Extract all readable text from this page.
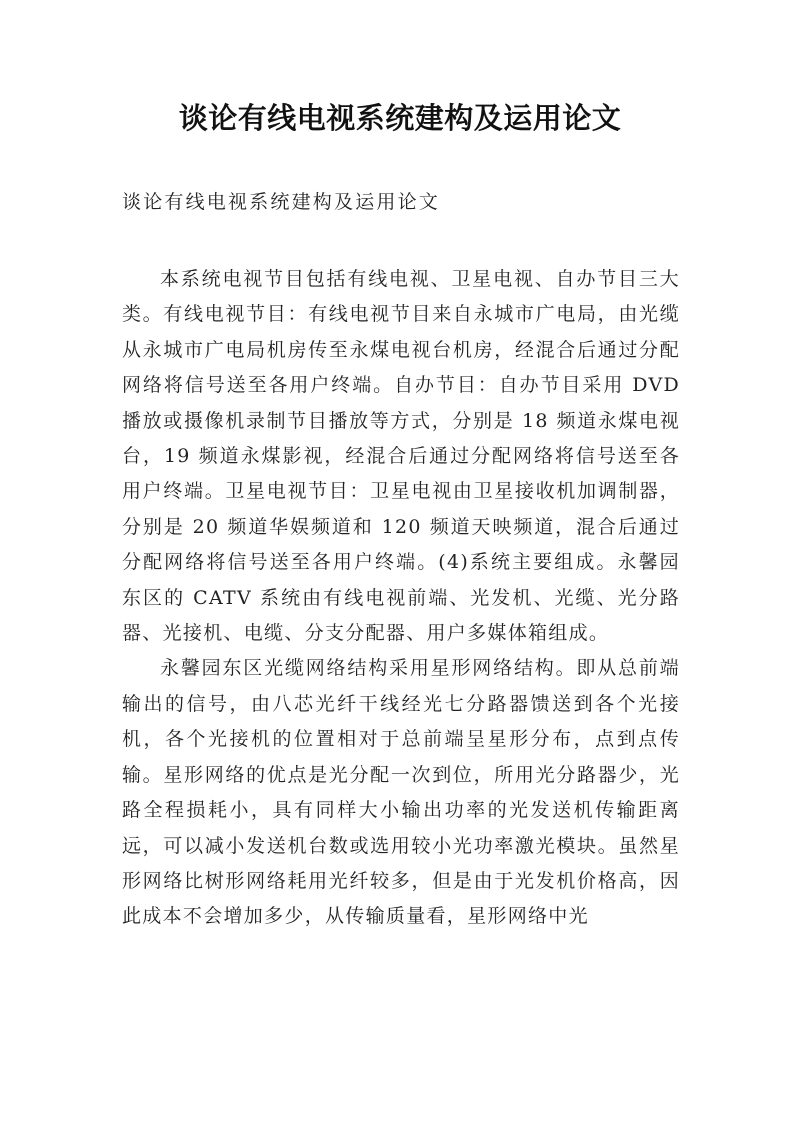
谈论有线电视系统建构及运用论文

谈论有线电视系统建构及运用论文

本系统电视节目包括有线电视、卫星电视、自办节目三大类。有线电视节目：有线电视节目来自永城市广电局，由光缆从永城市广电局机房传至永煤电视台机房，经混合后通过分配网络将信号送至各用户终端。自办节目：自办节目采用 DVD 播放或摄像机录制节目播放等方式，分别是 18 频道永煤电视台，19 频道永煤影视，经混合后通过分配网络将信号送至各用户终端。卫星电视节目：卫星电视由卫星接收机加调制器，分别是 20 频道华娱频道和 120 频道天映频道，混合后通过分配网络将信号送至各用户终端。(4)系统主要组成。永馨园东区的 CATV 系统由有线电视前端、光发机、光缆、光分路器、光接机、电缆、分支分配器、用户多媒体箱组成。

永馨园东区光缆网络结构采用星形网络结构。即从总前端输出的信号，由八芯光纤干线经光七分路器馈送到各个光接机，各个光接机的位置相对于总前端呈星形分布，点到点传输。星形网络的优点是光分配一次到位，所用光分路器少，光路全程损耗小，具有同样大小输出功率的光发送机传输距离远，可以减小发送机台数或选用较小光功率激光模块。虽然星形网络比树形网络耗用光纤较多，但是由于光发机价格高，因此成本不会增加多少，从传输质量看，星形网络中光
